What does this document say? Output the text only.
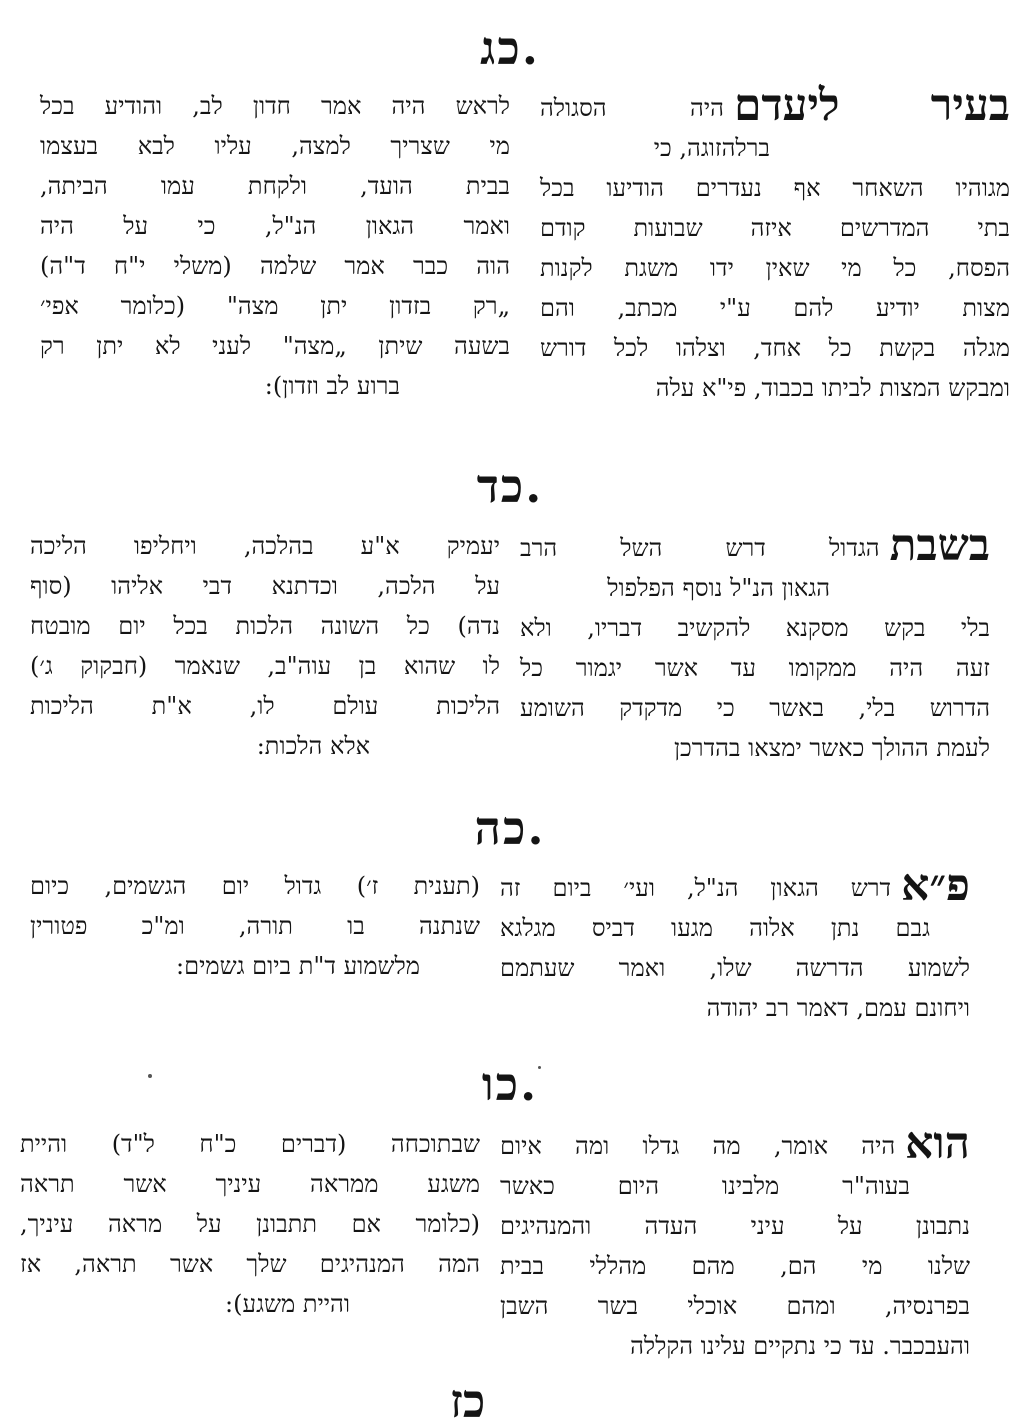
כג.
בעיר ליעדםהיה הסגולה
ברלהזוגה, כי
מגוהיו השאחר אף נעדרים הודיעו בכל
בתי המדרשים איזה שבועות קודם
הפסח, כל מי שאין ידו משגת לקנות
מצות יודיע להם ע"י מכתב, והם
מגלה בקשת כל אחד, וצלהו לכל דורש
ומבקש המצות לביתו בכבוד, פי"א עלה
לראש היה אמר חדון לב, והודיע בכל
מי שצריך למצה, עליו לבא בעצמו
בבית הועד, ולקחת עמו הביתה,
ואמר הגאון הנ"ל, כי על היה
הוה כבר אמר שלמה (משלי י"ח ד"ה)
„רק בזדון יתן מצה" (כלומר אפי׳
בשעה שיתן „מצה" לעני לא יתן רק
ברוע לב וזדון):
כד.
בשבתהגדול דרש השל הרב
הגאון הנ"ל נוסף הפלפול
בלי בקש מסקנא להקשיב דבריו, ולא
זעה היה ממקומו עד אשר יגמור כל
הדרוש בלי, באשר כי מדקדק השומע
לעמת ההולך כאשר ימצאו בהדרכן
יעמיק א"ע בהלכה, ויחליפו הליכה
על הלכה, וכדתנא דבי אליהו (סוף
נדה) כל השונה הלכות בכל יום מובטח
לו שהוא בן עוה"ב, שנאמר (חבקוק ג׳)
הליכות עולם לו, א"ת הליכות
אלא הלכות:
כה.
פ״אדרש הגאון הנ"ל, ועי׳ ביום זה
גבם נתן אלוה מגעו דביס מגלגא
לשמוע הדרשה שלו, ואמר שעתמם
ויחונם עמם, דאמר רב יהודה
(תענית ז׳) גדול יום הגשמים, כיום
שנתנה בו תורה, ומ"כ פטורין
מלשמוע ד"ת ביום גשמים:
כו.
הואהיה אומר, מה גדלו ומה איום
בעוה"ר מלבינו היום כאשר
נתבונן על עיני העדה והמנהיגים
שלנו מי הם, מהם מהללי בבית
בפרנסיה, ומהם אוכלי בשר השבן
והעבכבר. עד כי נתקיים עלינו הקללה
שבתוכחה (דברים כ"ח ל"ד) והיית
משגע ממראה עיניך אשר תראה
(כלומר אם תתבונן על מראה עיניך,
המה המנהיגים שלך אשר תראה, אז
והיית משגע):
כז
